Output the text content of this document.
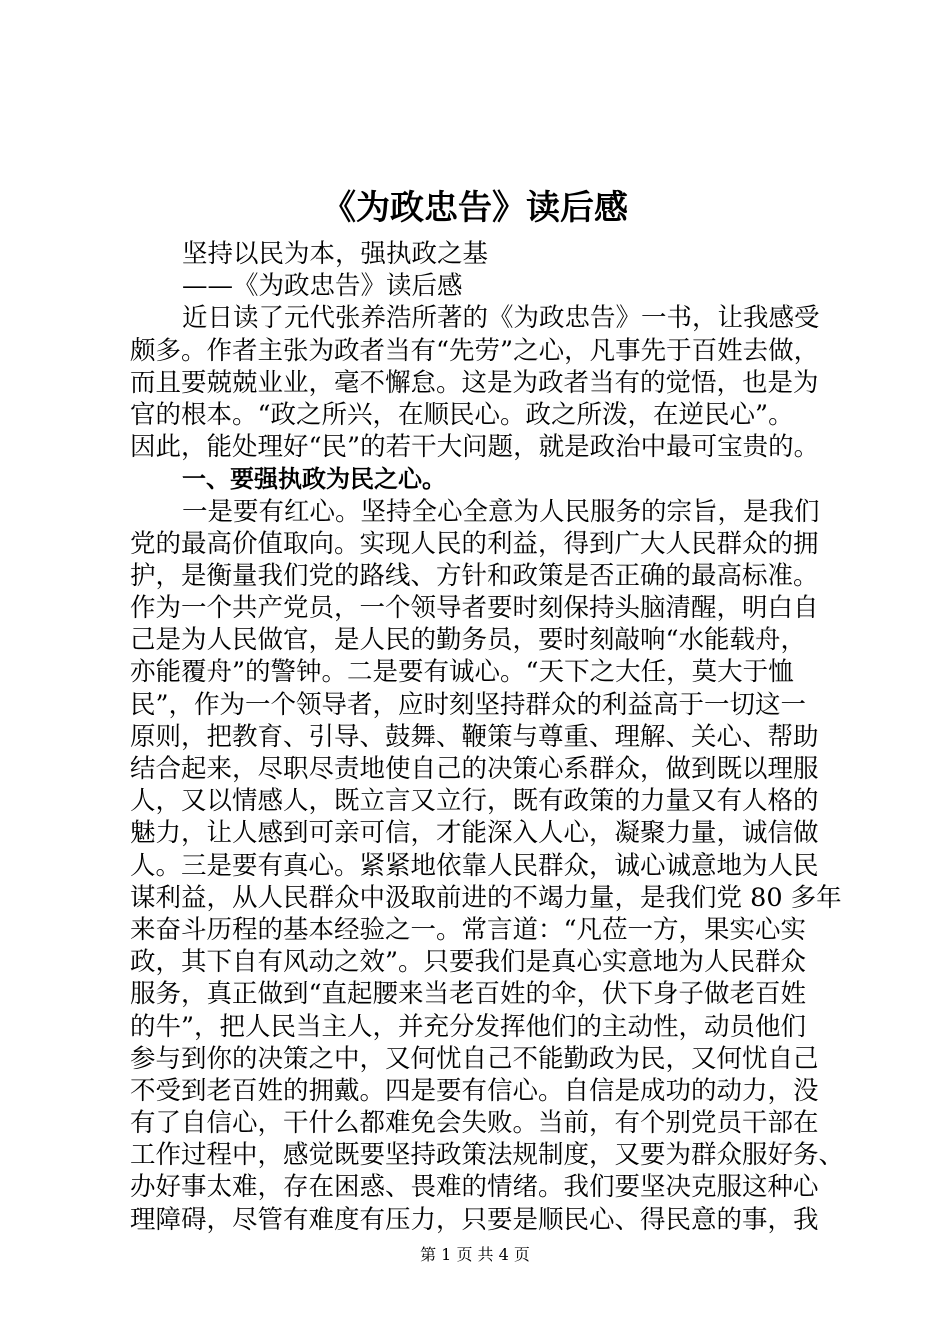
《为政忠告》读后感
坚持以民为本，强执政之基
——《为政忠告》读后感
近日读了元代张养浩所著的《为政忠告》一书，让我感受
颇多。作者主张为政者当有“先劳”之心，凡事先于百姓去做，
而且要兢兢业业，毫不懈怠。这是为政者当有的觉悟，也是为
官的根本。“政之所兴，在顺民心。政之所泼，在逆民心”。
因此，能处理好“民”的若干大问题，就是政治中最可宝贵的。
一、要强执政为民之心。
一是要有红心。坚持全心全意为人民服务的宗旨，是我们
党的最高价值取向。实现人民的利益，得到广大人民群众的拥
护，是衡量我们党的路线、方针和政策是否正确的最高标准。
作为一个共产党员，一个领导者要时刻保持头脑清醒，明白自
己是为人民做官，是人民的勤务员，要时刻敲响“水能载舟，
亦能覆舟”的警钟。二是要有诚心。“天下之大任，莫大于恤
民”，作为一个领导者，应时刻坚持群众的利益高于一切这一
原则，把教育、引导、鼓舞、鞭策与尊重、理解、关心、帮助
结合起来，尽职尽责地使自己的决策心系群众，做到既以理服
人，又以情感人，既立言又立行，既有政策的力量又有人格的
魅力，让人感到可亲可信，才能深入人心，凝聚力量，诚信做
人。三是要有真心。紧紧地依靠人民群众，诚心诚意地为人民
谋利益，从人民群众中汲取前进的不竭力量，是我们党 80 多年
来奋斗历程的基本经验之一。常言道：“凡莅一方，果实心实
政，其下自有风动之效”。只要我们是真心实意地为人民群众
服务，真正做到“直起腰来当老百姓的伞，伏下身子做老百姓
的牛”，把人民当主人，并充分发挥他们的主动性，动员他们
参与到你的决策之中，又何忧自己不能勤政为民，又何忧自己
不受到老百姓的拥戴。四是要有信心。自信是成功的动力，没
有了自信心，干什么都难免会失败。当前，有个别党员干部在
工作过程中，感觉既要坚持政策法规制度，又要为群众服好务、
办好事太难，存在困惑、畏难的情绪。我们要坚决克服这种心
理障碍，尽管有难度有压力，只要是顺民心、得民意的事，我
第 1 页 共 4 页
